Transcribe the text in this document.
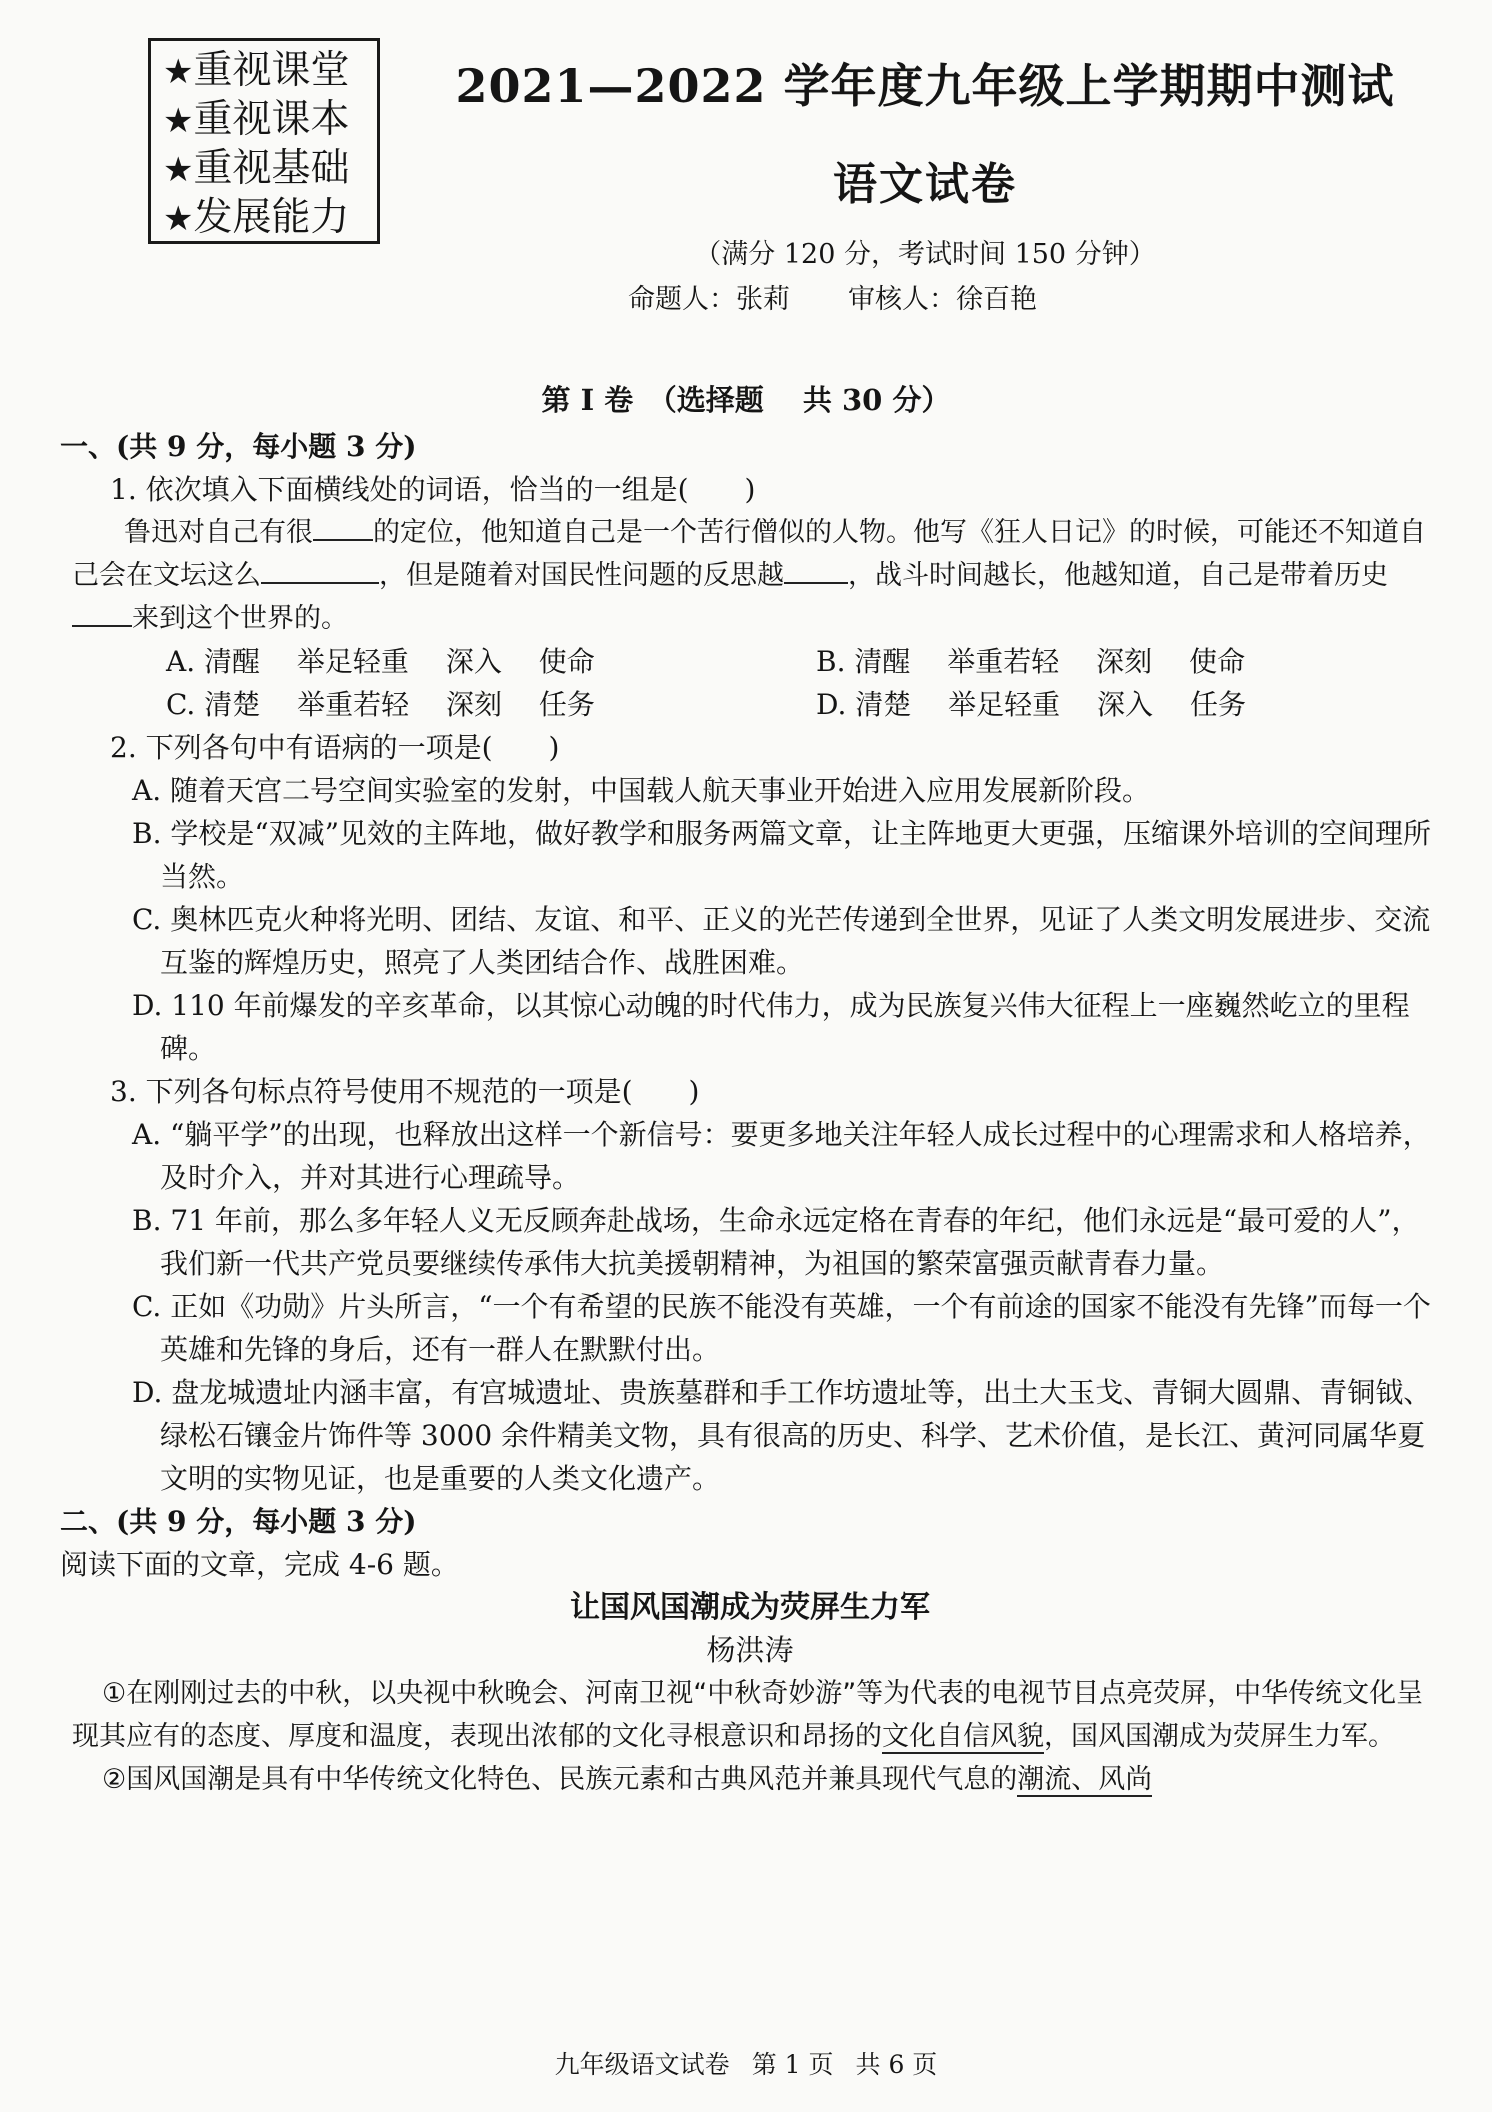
★重视课堂
★重视课本
★重视基础
★发展能力
2021—2022 学年度九年级上学期期中测试
语文试卷
（满分 120 分，考试时间 150 分钟）
命题人：张莉 审核人：徐百艳
第 I 卷　（选择题　 共 30 分）
一、(共 9 分，每小题 3 分)
1. 依次填入下面横线处的词语，恰当的一组是(　　)
鲁迅对自己有很 的定位，他知道自己是一个苦行僧似的人物。他写《狂人日记》的时候，可能还不知道自己会在文坛这么	，但是随着对国民性问题的反思越 ，战斗时间越长，他越知道，自己是带着历史来到这个世界的。
A. 清醒　 举足轻重　 深入　 使命	B. 清醒　 举重若轻　 深刻　 使命
C. 清楚　 举重若轻　 深刻　 任务	D. 清楚　 举足轻重　 深入　 任务
2. 下列各句中有语病的一项是(　　)
A. 随着天宫二号空间实验室的发射，中国载人航天事业开始进入应用发展新阶段。
B. 学校是“双减”见效的主阵地，做好教学和服务两篇文章，让主阵地更大更强，压缩课外培训的空间理所当然。
C. 奥林匹克火种将光明、团结、友谊、和平、正义的光芒传递到全世界，见证了人类文明发展进步、交流互鉴的辉煌历史，照亮了人类团结合作、战胜困难。
D. 110 年前爆发的辛亥革命，以其惊心动魄的时代伟力，成为民族复兴伟大征程上一座巍然屹立的里程碑。
3. 下列各句标点符号使用不规范的一项是(　　)
A. “躺平学”的出现，也释放出这样一个新信号：要更多地关注年轻人成长过程中的心理需求和人格培养，及时介入，并对其进行心理疏导。
B. 71 年前，那么多年轻人义无反顾奔赴战场，生命永远定格在青春的年纪，他们永远是“最可爱的人”，我们新一代共产党员要继续传承伟大抗美援朝精神，为祖国的繁荣富强贡献青春力量。
C. 正如《功勋》片头所言，“一个有希望的民族不能没有英雄，一个有前途的国家不能没有先锋”而每一个英雄和先锋的身后，还有一群人在默默付出。
D. 盘龙城遗址内涵丰富，有宫城遗址、贵族墓群和手工作坊遗址等，出土大玉戈、青铜大圆鼎、青铜钺、绿松石镶金片饰件等 3000 余件精美文物，具有很高的历史、科学、艺术价值，是长江、黄河同属华夏文明的实物见证，也是重要的人类文化遗产。
二、(共 9 分，每小题 3 分)
阅读下面的文章，完成 4-6 题。
让国风国潮成为荧屏生力军
杨洪涛
①在刚刚过去的中秋，以央视中秋晚会、河南卫视“中秋奇妙游”等为代表的电视节目点亮荧屏，中华传统文化呈现其应有的态度、厚度和温度，表现出浓郁的文化寻根意识和昂扬的文化自信风貌，国风国潮成为荧屏生力军。
②国风国潮是具有中华传统文化特色、民族元素和古典风范并兼具现代气息的潮流、风尚
九年级语文试卷 第 1 页 共 6 页
